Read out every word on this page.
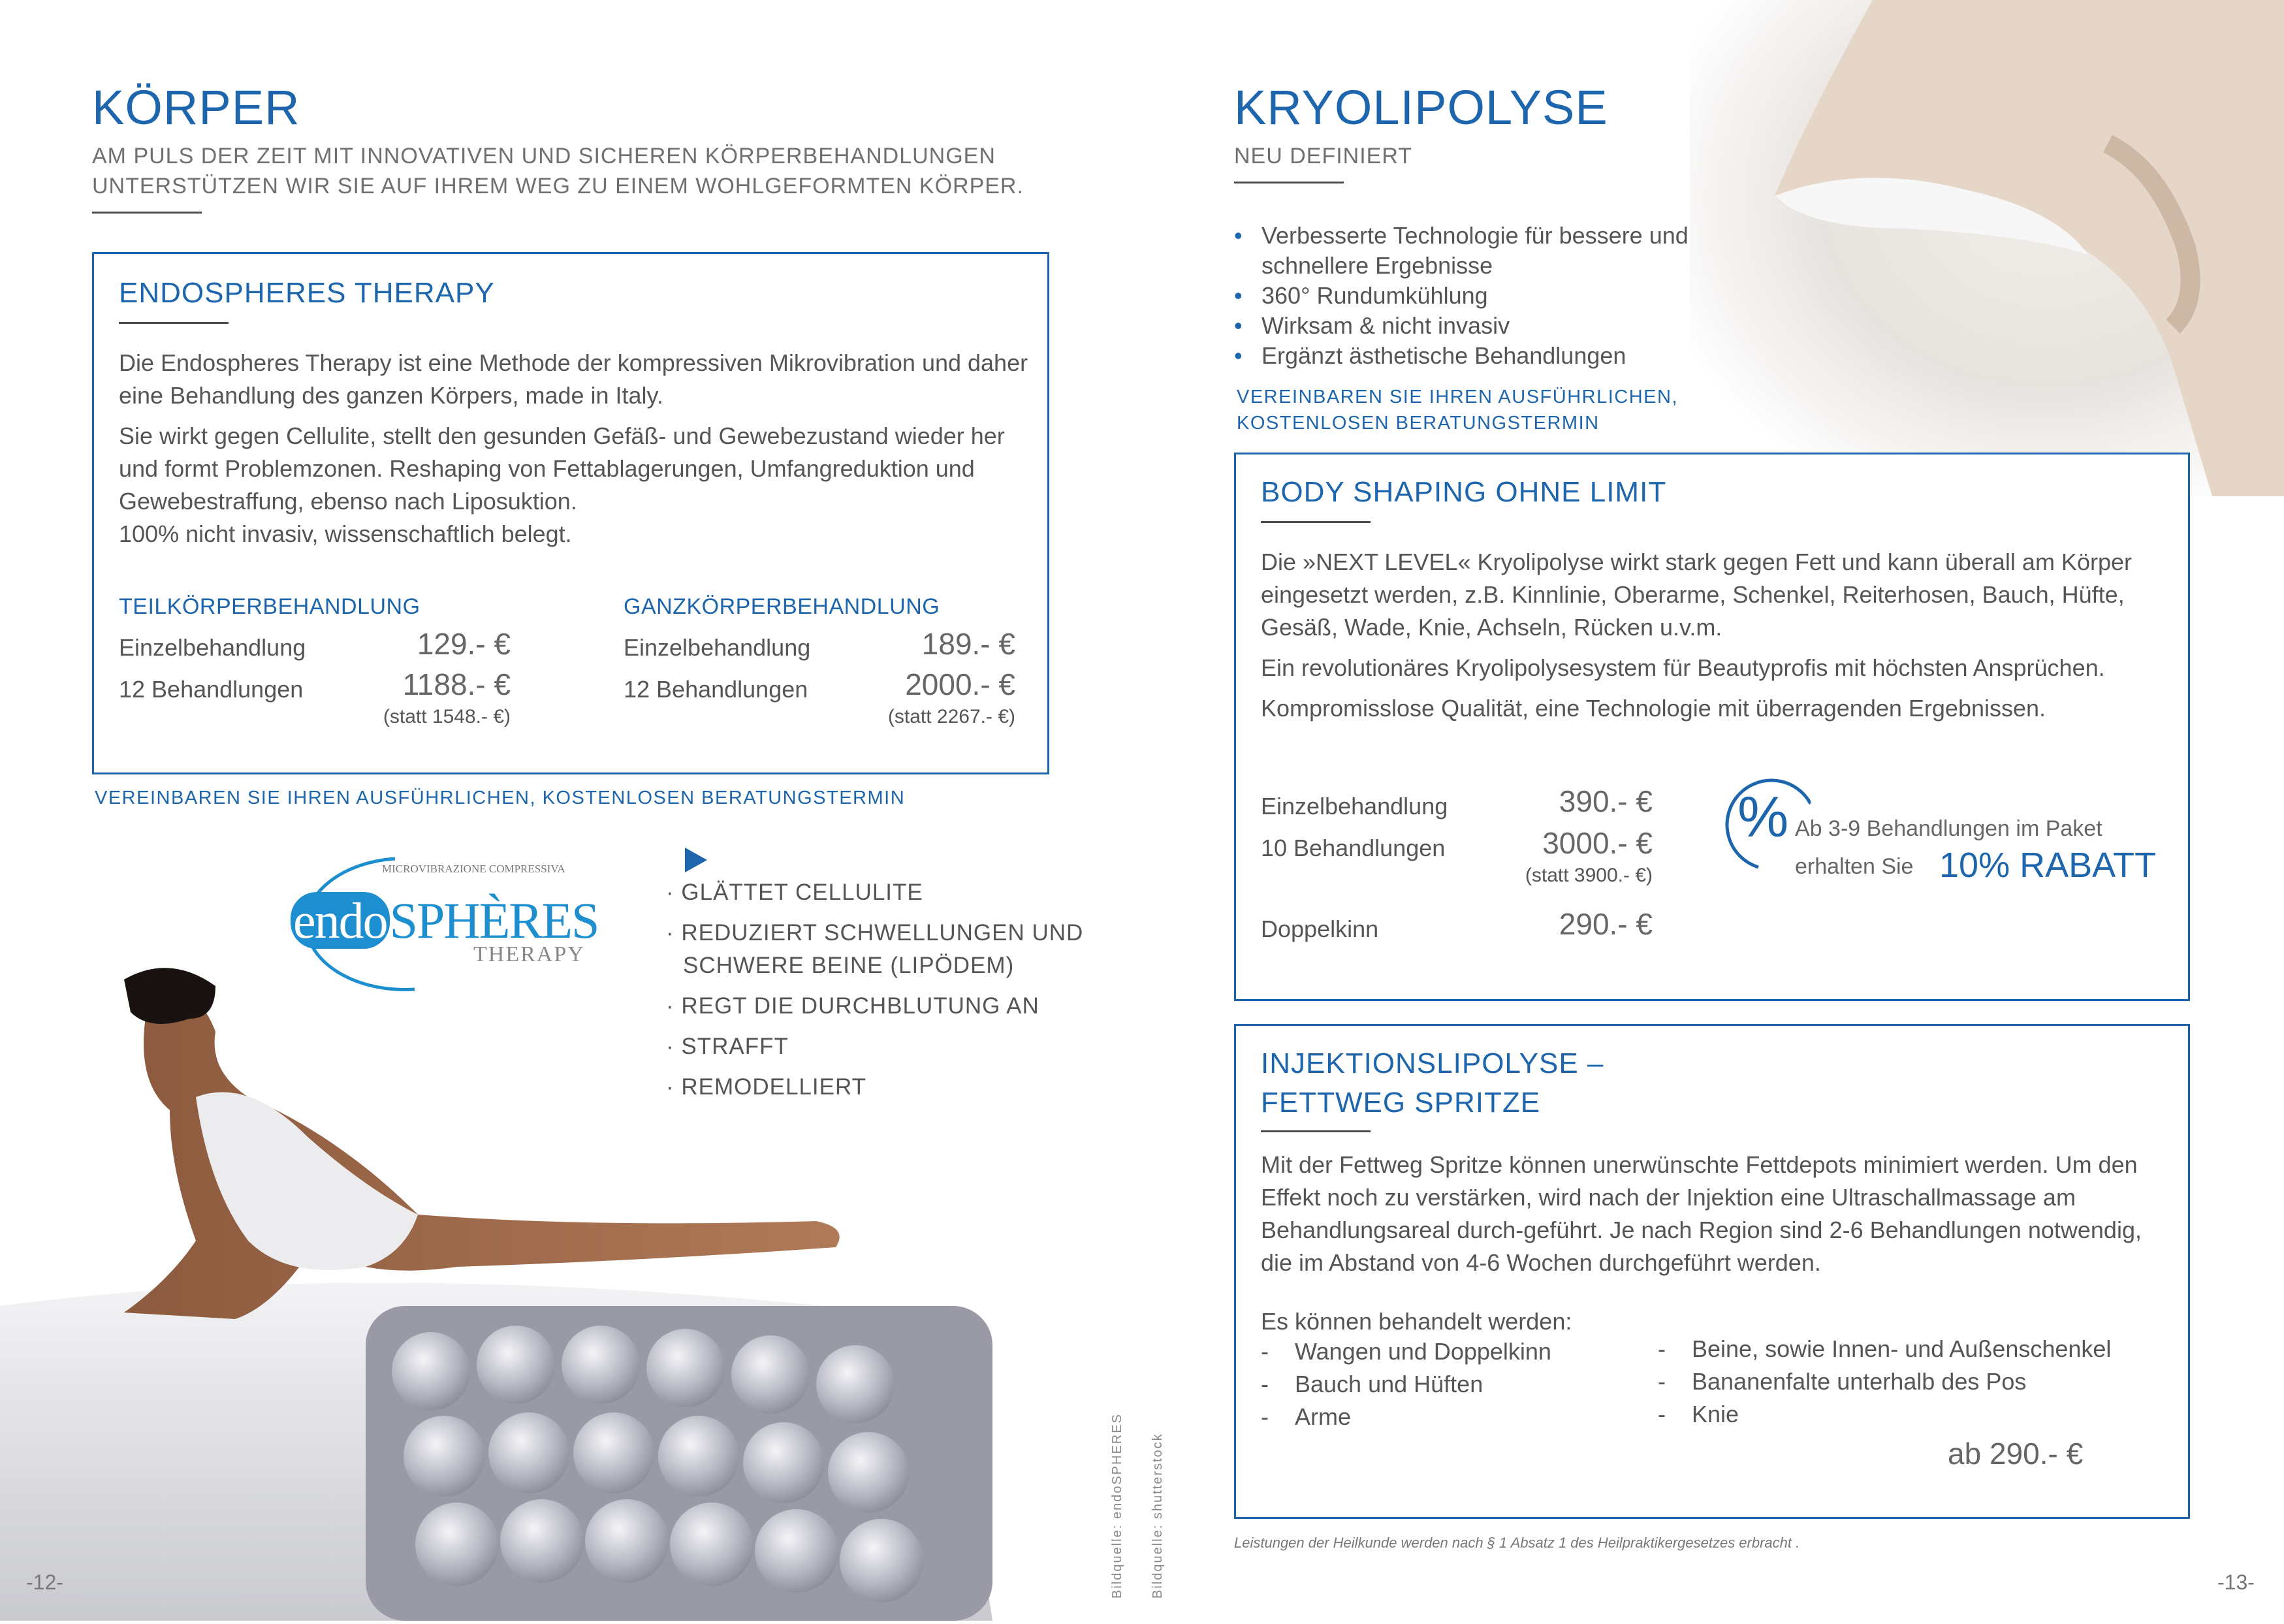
KÖRPER
AM PULS DER ZEIT MIT INNOVATIVEN UND SICHEREN KÖRPERBEHANDLUNGEN
UNTERSTÜTZEN WIR SIE AUF IHREM WEG ZU EINEM WOHLGEFORMTEN KÖRPER.
ENDOSPHERES THERAPY

Die Endospheres Therapy ist eine Methode der kompressiven Mikrovibration und daher eine Behandlung des ganzen Körpers, made in Italy.

Sie wirkt gegen Cellulite, stellt den gesunden Gefäß- und Gewebezustand wieder her und formt Problemzonen. Reshaping von Fettablagerungen, Umfangreduktion und Gewebestraffung, ebenso nach Liposuktion.

100% nicht invasiv, wissenschaftlich belegt.

TEILKÖRPERBEHANDLUNG
Einzelbehandlung	129.- €
12 Behandlungen	1188.- €
(statt 1548.- €)
GANZKÖRPERBEHANDLUNG
Einzelbehandlung	189.- €
12 Behandlungen	2000.- €
(statt 2267.- €)
VEREINBAREN SIE IHREN AUSFÜHRLICHEN, KOSTENLOSEN BERATUNGSTERMIN
MICROVIBRAZIONE COMPRESSIVA
endoSPHÈRES
THERAPY
· GLÄTTET CELLULITE
· REDUZIERT SCHWELLUNGEN UND
SCHWERE BEINE (LIPÖDEM)
· REGT DIE DURCHBLUTUNG AN
· STRAFFT
· REMODELLIERT
Bildquelle: endoSPHERES Bildquelle: shutterstock
-12-
KRYOLIPOLYSE
NEU DEFINIERT
• Verbesserte Technologie für bessere und schnellere Ergebnisse
• 360° Rundumkühlung
• Wirksam & nicht invasiv
• Ergänzt ästhetische Behandlungen
VEREINBAREN SIE IHREN AUSFÜHRLICHEN,
KOSTENLOSEN BERATUNGSTERMIN
BODY SHAPING OHNE LIMIT

Die »NEXT LEVEL« Kryolipolyse wirkt stark gegen Fett und kann überall am Körper eingesetzt werden, z.B. Kinnlinie, Oberarme, Schenkel, Reiterhosen, Bauch, Hüfte, Gesäß, Wade, Knie, Achseln, Rücken u.v.m.

Ein revolutionäres Kryolipolysesystem für Beautyprofis mit höchsten Ansprüchen.

Kompromisslose Qualität, eine Technologie mit überragenden Ergebnissen.

Einzelbehandlung	390.- €
10 Behandlungen	3000.- €
(statt 3900.- €)
Doppelkinn	290.- €
% Ab 3-9 Behandlungen im Paket
erhalten Sie 10% RABATT
INJEKTIONSLIPOLYSE –
FETTWEG SPRITZE
Mit der Fettweg Spritze können unerwünschte Fettdepots minimiert werden. Um den Effekt noch zu verstärken, wird nach der Injektion eine Ultraschallmassage am Behandlungsareal durch-geführt. Je nach Region sind 2-6 Behandlungen notwendig, die im Abstand von 4-6 Wochen durchgeführt werden.
Es können behandelt werden:
-    Wangen und Doppelkinn
-    Bauch und Hüften
-    Arme
-    Beine, sowie Innen- und Außenschenkel
-    Bananenfalte unterhalb des Pos
-    Knie
ab 290.- €
Leistungen der Heilkunde werden nach § 1 Absatz 1 des Heilpraktikergesetzes erbracht .
-13-
